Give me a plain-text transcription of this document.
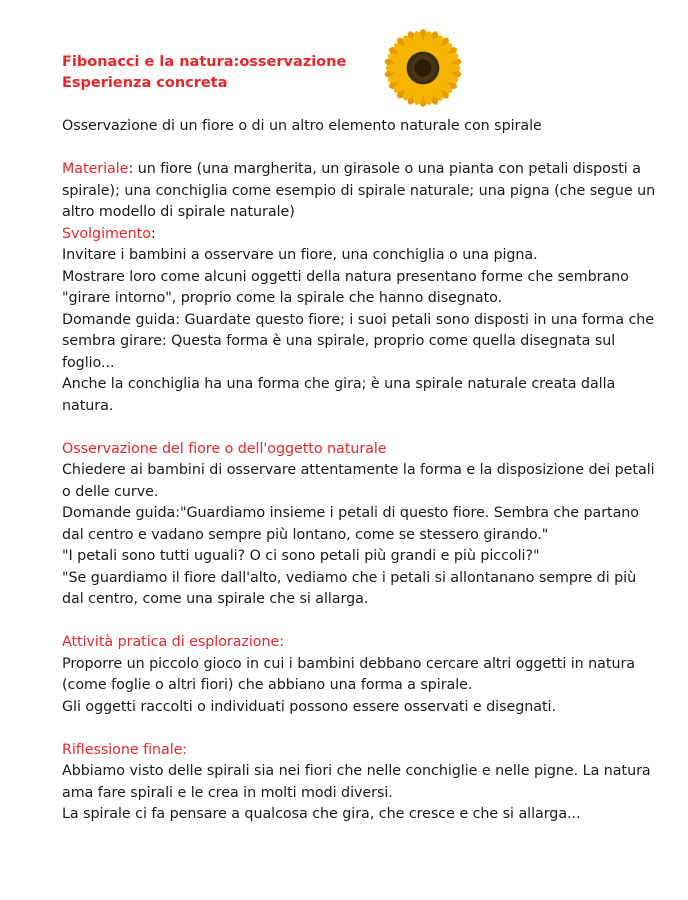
Fibonacci e la natura:osservazione
Esperienza concreta

Osservazione di un fiore o di un altro elemento naturale con spirale

Materiale: un fiore (una margherita, un girasole o una pianta con petali disposti a spirale); una conchiglia come esempio di spirale naturale; una pigna (che segue un altro modello di spirale naturale)

Svolgimento:

Invitare i bambini a osservare un fiore, una conchiglia o una pigna.

Mostrare loro come alcuni oggetti della natura presentano forme che sembrano "girare intorno", proprio come la spirale che hanno disegnato.

Domande guida: Guardate questo fiore; i suoi petali sono disposti in una forma che sembra girare: Questa forma è una spirale, proprio come quella disegnata sul foglio...

Anche la conchiglia ha una forma che gira; è una spirale naturale creata dalla natura.

Osservazione del fiore o dell'oggetto naturale

Chiedere ai bambini di osservare attentamente la forma e la disposizione dei petali o delle curve.

Domande guida:"Guardiamo insieme i petali di questo fiore. Sembra che partano dal centro e vadano sempre più lontano, come se stessero girando."

"I petali sono tutti uguali? O ci sono petali più grandi e più piccoli?"

"Se guardiamo il fiore dall'alto, vediamo che i petali si allontanano sempre di più dal centro, come una spirale che si allarga.

Attività pratica di esplorazione:

Proporre un piccolo gioco in cui i bambini debbano cercare altri oggetti in natura (come foglie o altri fiori) che abbiano una forma a spirale.

Gli oggetti raccolti o individuati possono essere osservati e disegnati.

Riflessione finale:

Abbiamo visto delle spirali sia nei fiori che nelle conchiglie e nelle pigne. La natura ama fare spirali e le crea in molti modi diversi.

La spirale ci fa pensare a qualcosa che gira, che cresce e che si allarga...
